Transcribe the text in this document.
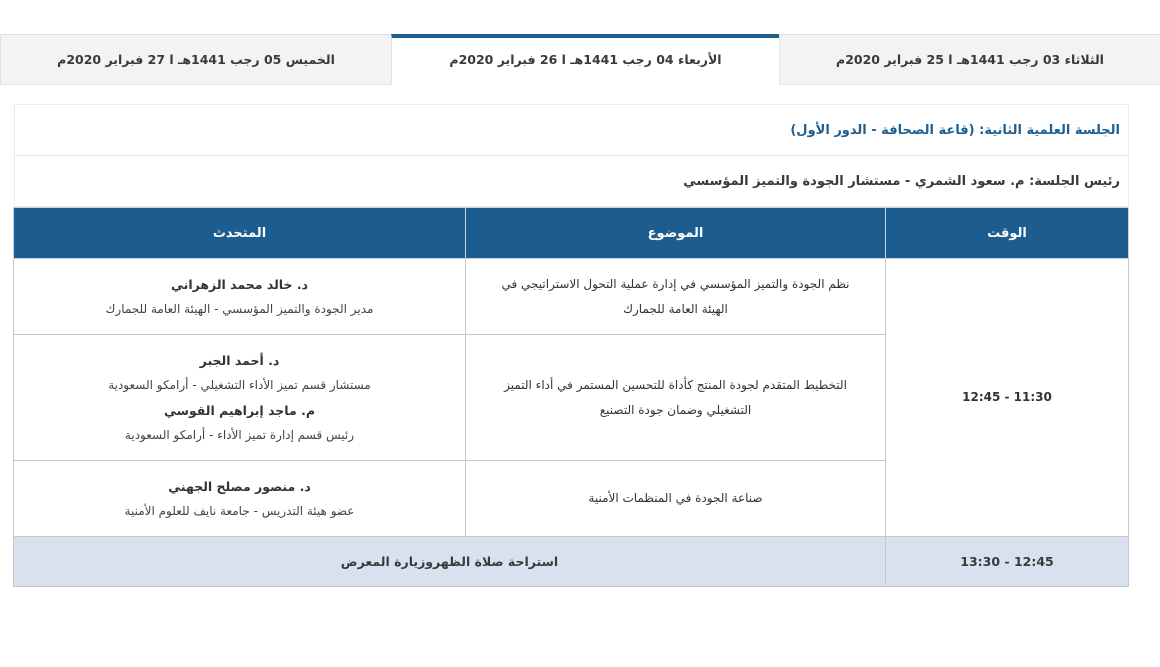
الثلاثاء 03 رجب 1441هـ ا 25 فبراير 2020م
الأربعاء 04 رجب 1441هـ ا 26 فبراير 2020م
الخميس 05 رجب 1441هـ ا 27 فبراير 2020م
الجلسة العلمية الثانية: (قاعة الصحافة - الدور الأول)
رئيس الجلسة: م. سعود الشمري - مستشار الجودة والتميز المؤسسي
الوقت	الموضوع	المتحدث
11:30 - 12:45	نظم الجودة والتميز المؤسسي في إدارة عملية التحول الاستراتيجي في الهيئة العامة للجمارك	د. خالد محمد الزهراني
مدير الجودة والتميز المؤسسي - الهيئة العامة للجمارك

	التخطيط المتقدم لجودة المنتج كأداة للتحسين المستمر في أداء التميز التشغيلي وضمان جودة التصنيع	د. أحمد الجبر
مستشار قسم تميز الأداء التشغيلي - أرامكو السعودية
م. ماجد إبراهيم القوسي
رئيس قسم إدارة تميز الأداء - أرامكو السعودية

	صناعة الجودة في المنظمات الأمنية	د. منصور مصلح الجهني
عضو هيئة التدريس - جامعة نايف للعلوم الأمنية

12:45 - 13:30	استراحة صلاة الظهروزيارة المعرض	
